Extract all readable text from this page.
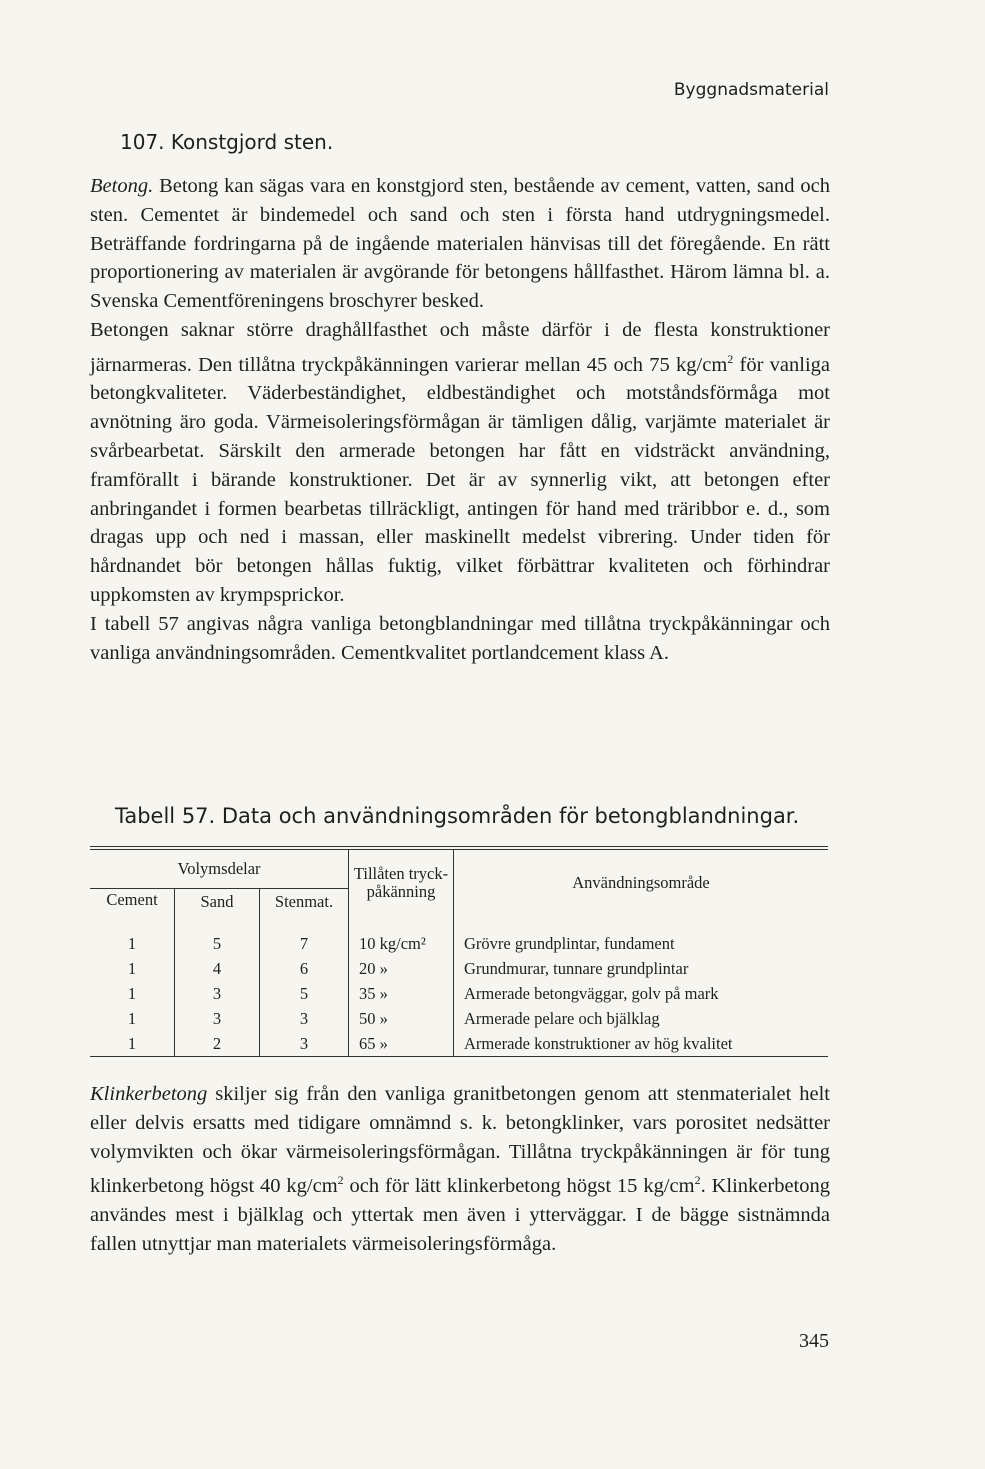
Byggnadsmaterial
107. Konstgjord sten.

Betong. Betong kan sägas vara en konstgjord sten, bestående av cement, vatten, sand och sten. Cementet är bindemedel och sand och sten i första hand utdrygningsmedel. Beträffande fordringarna på de ingående materialen hänvisas till det föregående. En rätt proportionering av materialen är avgörande för betongens hållfasthet. Härom lämna bl. a. Svenska Cementföreningens broschyrer besked.

Betongen saknar större draghållfasthet och måste därför i de flesta konstruktioner järnarmeras. Den tillåtna tryckpåkänningen varierar mellan 45 och 75 $kg/cm^2$ för vanliga betongkvaliteter. Väderbeständighet, eldbeständighet och motståndsförmåga mot avnötning äro goda. Värmeisoleringsförmågan är tämligen dålig, varjämte materialet är svårbearbetat. Särskilt den armerade betongen har fått en vidsträckt användning, framförallt i bärande konstruktioner. Det är av synnerlig vikt, att betongen efter anbringandet i formen bearbetas tillräckligt, antingen för hand med träribbor e. d., som dragas upp och ned i massan, eller maskinellt medelst vibrering. Under tiden för hårdnandet bör betongen hållas fuktig, vilket förbättrar kvaliteten och förhindrar uppkomsten av krympsprickor.

I tabell 57 angivas några vanliga betongblandningar med tillåtna tryckpåkänningar och vanliga användningsområden. Cementkvalitet portlandcement klass A.

Tabell 57. Data och användningsområden för betongblandningar.
Volymsdelar			Tillåten tryck-påkänning	Användningsområde
Cement	Sand	Stenmat.		

1	5	7	10 kg/cm²	Grövre grundplintar, fundament
1	4	6	20 »	Grundmurar, tunnare grundplintar
1	3	5	35 »	Armerade betongväggar, golv på mark
1	3	3	50 »	Armerade pelare och bjälklag
1	2	3	65 »	Armerade konstruktioner av hög kvalitet

Klinkerbetong skiljer sig från den vanliga granitbetongen genom att stenmaterialet helt eller delvis ersatts med tidigare omnämnd s. k. betongklinker, vars porositet nedsätter volymvikten och ökar värmeisoleringsförmågan. Tillåtna tryckpåkänningen är för tung klinkerbetong högst 40 $kg/cm^2$ och för lätt klinkerbetong högst 15 $kg/cm^2$. Klinkerbetong användes mest i bjälklag och yttertak men även i ytterväggar. I de bägge sistnämnda fallen utnyttjar man materialets värmeisoleringsförmåga.

345
